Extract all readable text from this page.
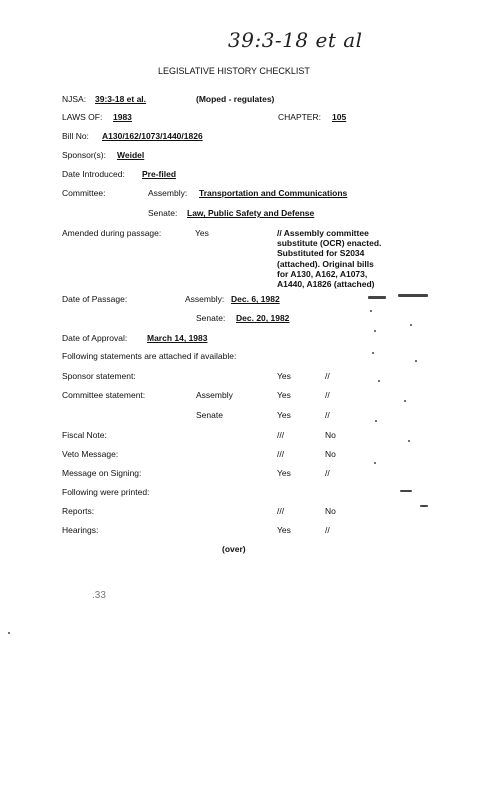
39:3-18 et al
LEGISLATIVE HISTORY CHECKLIST
NJSA: 39:3-18 et al.	(Moped - regulates)
LAWS OF: 1983	CHAPTER: 105
Bill No: A130/162/1073/1440/1826
Sponsor(s): Weidel
Date Introduced: Pre-filed
Committee:	Assembly: Transportation and Communications
Senate: Law, Public Safety and Defense
Amended during passage:	Yes	// Assembly committee substitute (OCR) enacted. Substituted for S2034 (attached). Original bills for A130, A162, A1073, A1440, A1826 (attached)
Date of Passage:	Assembly: Dec. 6, 1982
Senate: Dec. 20, 1982
Date of Approval: March 14, 1983
Following statements are attached if available:
Sponsor statement:	Yes	//
Committee statement:	Assembly	Yes	//
Senate	Yes	//
Fiscal Note:	///	No
Veto Message:	///	No
Message on Signing:	Yes	//
Following were printed:
Reports:	///	No
Hearings:	Yes	//
(over)
.33
